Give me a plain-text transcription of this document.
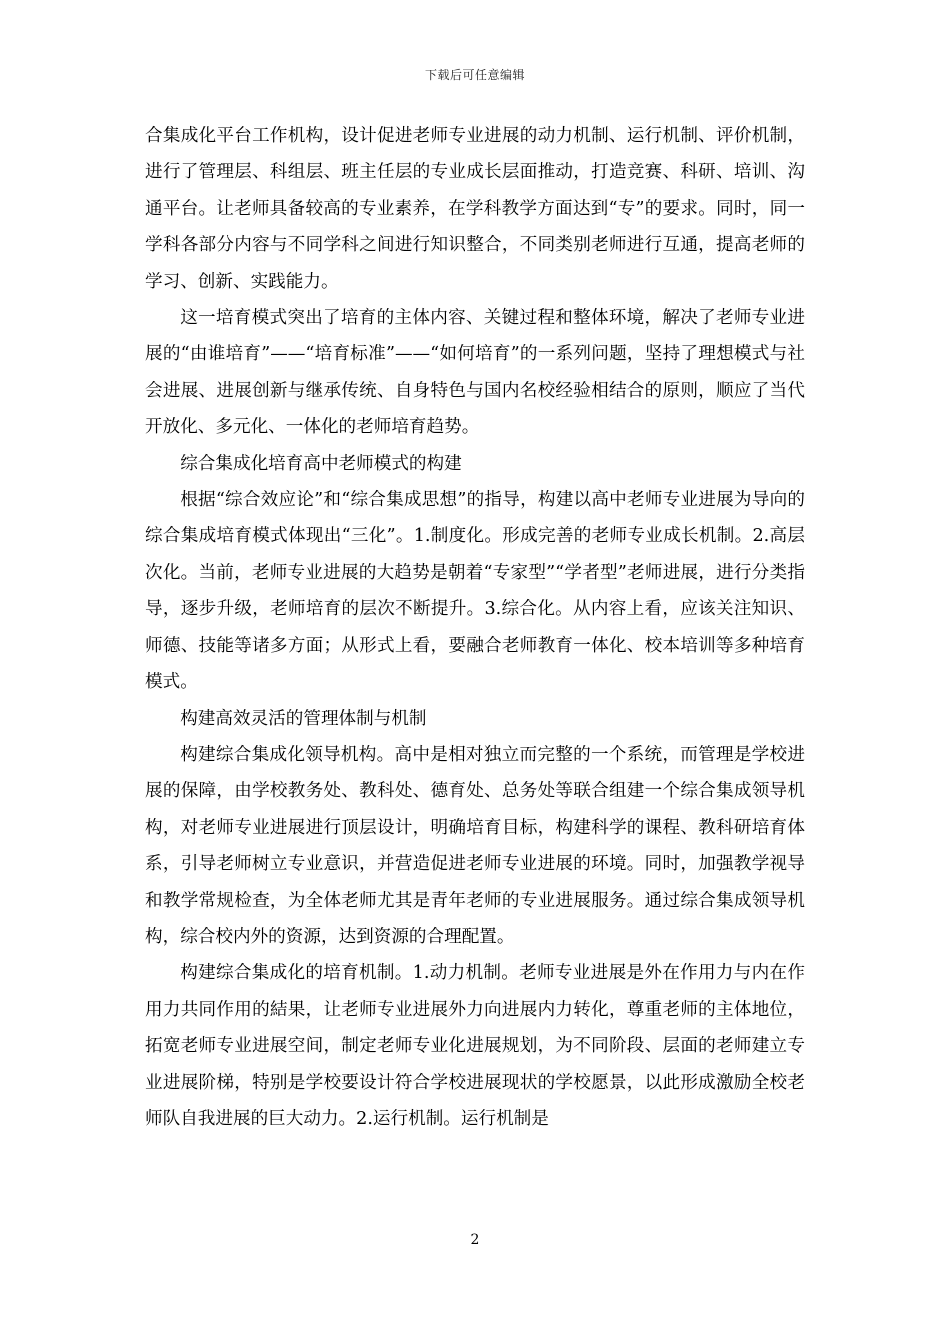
下载后可任意编辑

合集成化平台工作机构，设计促进老师专业进展的动力机制、运行机制、评价机制，进行了管理层、科组层、班主任层的专业成长层面推动，打造竞赛、科研、培训、沟通平台。让老师具备较高的专业素养，在学科教学方面达到“专”的要求。同时，同一学科各部分内容与不同学科之间进行知识整合，不同类别老师进行互通，提高老师的学习、创新、实践能力。

这一培育模式突出了培育的主体内容、关键过程和整体环境，解决了老师专业进展的“由谁培育”——“培育标准”——“如何培育”的一系列问题，坚持了理想模式与社会进展、进展创新与继承传统、自身特色与国内名校经验相结合的原则，顺应了当代开放化、多元化、一体化的老师培育趋势。

综合集成化培育高中老师模式的构建

根据“综合效应论”和“综合集成思想”的指导，构建以高中老师专业进展为导向的综合集成培育模式体现出“三化”。1.制度化。形成完善的老师专业成长机制。2.高层次化。当前，老师专业进展的大趋势是朝着“专家型”“学者型”老师进展，进行分类指导，逐步升级，老师培育的层次不断提升。3.综合化。从内容上看，应该关注知识、师德、技能等诸多方面；从形式上看，要融合老师教育一体化、校本培训等多种培育模式。

构建高效灵活的管理体制与机制

构建综合集成化领导机构。高中是相对独立而完整的一个系统，而管理是学校进展的保障，由学校教务处、教科处、德育处、总务处等联合组建一个综合集成领导机构，对老师专业进展进行顶层设计，明确培育目标，构建科学的课程、教科研培育体系，引导老师树立专业意识，并营造促进老师专业进展的环境。同时，加强教学视导和教学常规检查，为全体老师尤其是青年老师的专业进展服务。通过综合集成领导机构，综合校内外的资源，达到资源的合理配置。

构建综合集成化的培育机制。1.动力机制。老师专业进展是外在作用力与内在作用力共同作用的結果，让老师专业进展外力向进展内力转化，尊重老师的主体地位，拓宽老师专业进展空间，制定老师专业化进展规划，为不同阶段、层面的老师建立专业进展阶梯，特别是学校要设计符合学校进展现状的学校愿景，以此形成激励全校老师队自我进展的巨大动力。2.运行机制。运行机制是

2
